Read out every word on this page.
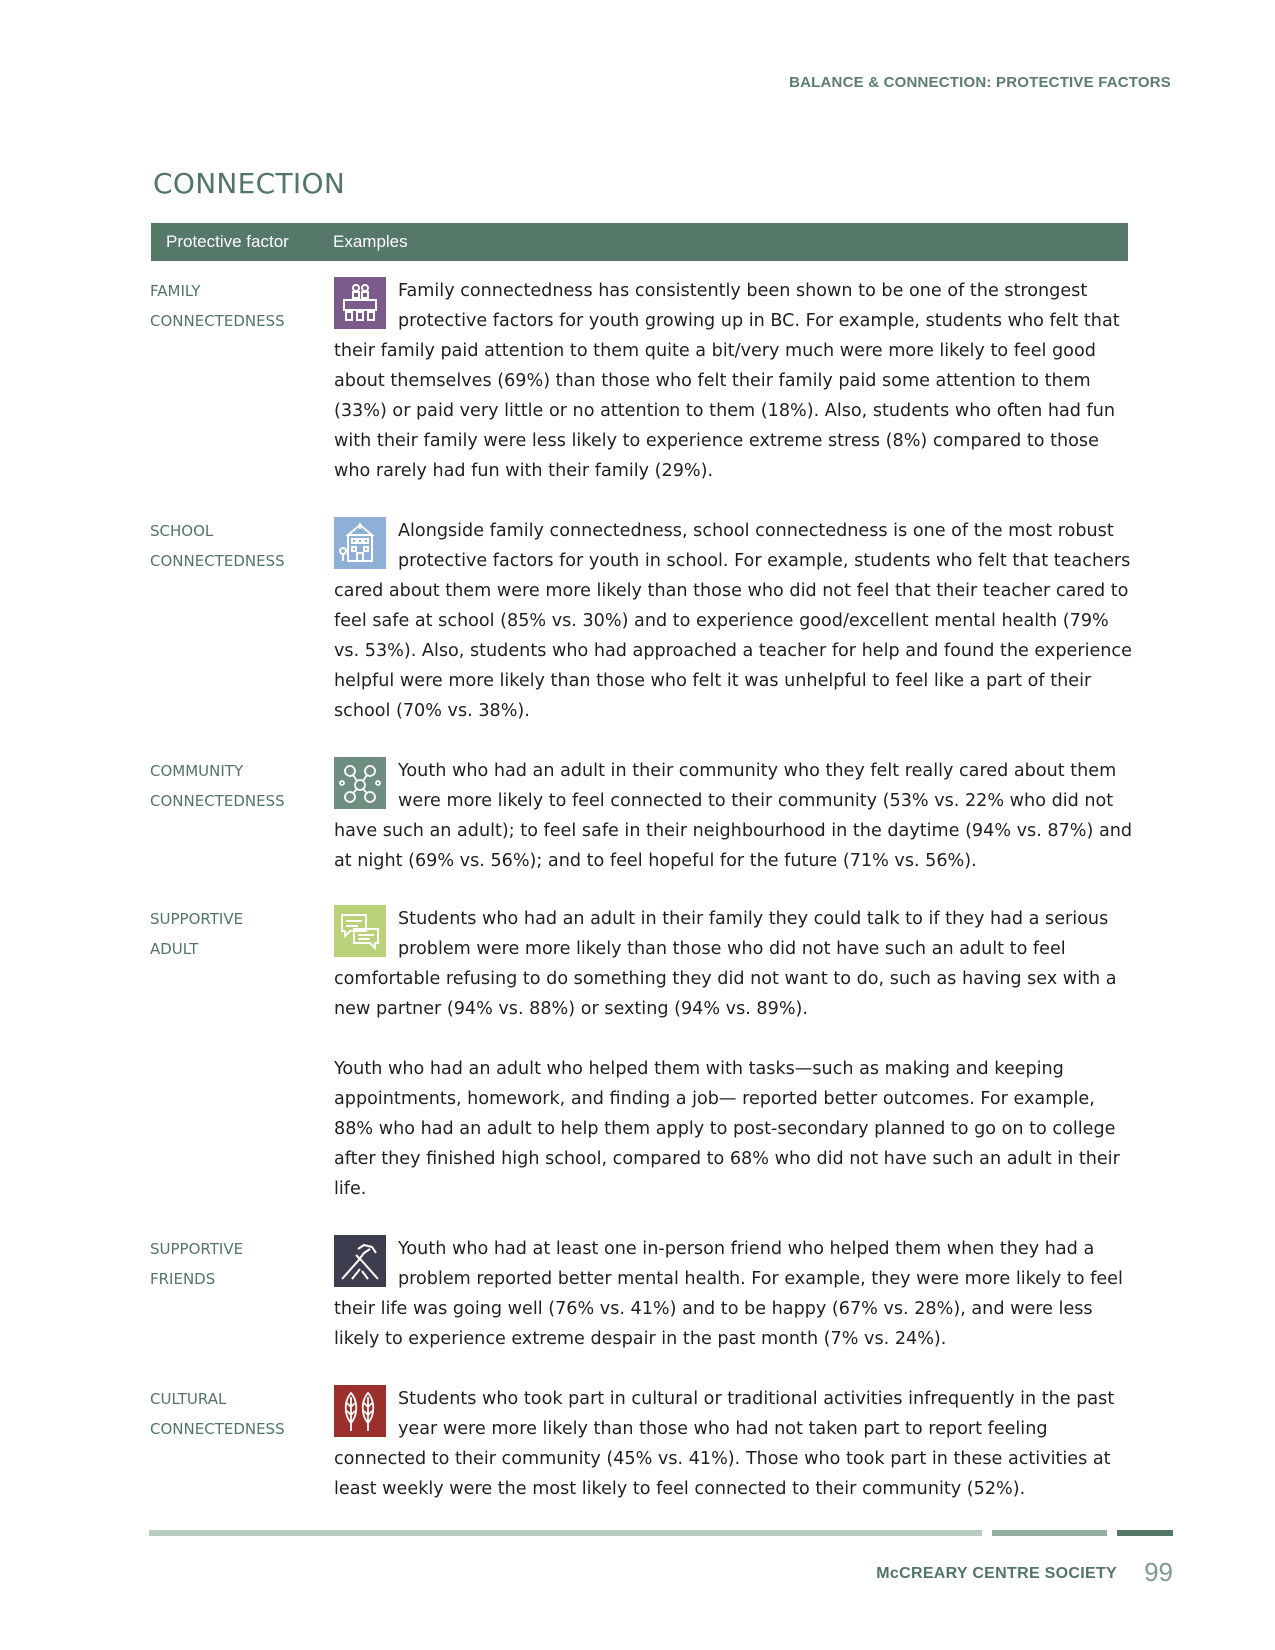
BALANCE & CONNECTION: PROTECTIVE FACTORS
CONNECTION
Protective factor	Examples
FAMILY
CONNECTEDNESS

Family connectedness has consistently been shown to be one of the strongest protective factors for youth growing up in BC. For example, students who felt that their family paid attention to them quite a bit/very much were more likely to feel good about themselves (69%) than those who felt their family paid some attention to them (33%) or paid very little or no attention to them (18%). Also, students who often had fun with their family were less likely to experience extreme stress (8%) compared to those who rarely had fun with their family (29%).

SCHOOL
CONNECTEDNESS

Alongside family connectedness, school connectedness is one of the most robust protective factors for youth in school. For example, students who felt that teachers cared about them were more likely than those who did not feel that their teacher cared to feel safe at school (85% vs. 30%) and to experience good/excellent mental health (79% vs. 53%). Also, students who had approached a teacher for help and found the experience helpful were more likely than those who felt it was unhelpful to feel like a part of their school (70% vs. 38%).

COMMUNITY
CONNECTEDNESS

Youth who had an adult in their community who they felt really cared about them were more likely to feel connected to their community (53% vs. 22% who did not have such an adult); to feel safe in their neighbourhood in the daytime (94% vs. 87%) and at night (69% vs. 56%); and to feel hopeful for the future (71% vs. 56%).

SUPPORTIVE
ADULT

Students who had an adult in their family they could talk to if they had a serious problem were more likely than those who did not have such an adult to feel comfortable refusing to do something they did not want to do, such as having sex with a new partner (94% vs. 88%) or sexting (94% vs. 89%).

Youth who had an adult who helped them with tasks—such as making and keeping appointments, homework, and finding a job— reported better outcomes. For example, 88% who had an adult to help them apply to post-secondary planned to go on to college after they finished high school, compared to 68% who did not have such an adult in their life.

SUPPORTIVE
FRIENDS

Youth who had at least one in-person friend who helped them when they had a problem reported better mental health. For example, they were more likely to feel their life was going well (76% vs. 41%) and to be happy (67% vs. 28%), and were less likely to experience extreme despair in the past month (7% vs. 24%).

CULTURAL
CONNECTEDNESS

Students who took part in cultural or traditional activities infrequently in the past year were more likely than those who had not taken part to report feeling connected to their community (45% vs. 41%). Those who took part in these activities at least weekly were the most likely to feel connected to their community (52%).

McCREARY CENTRE SOCIETY 99
